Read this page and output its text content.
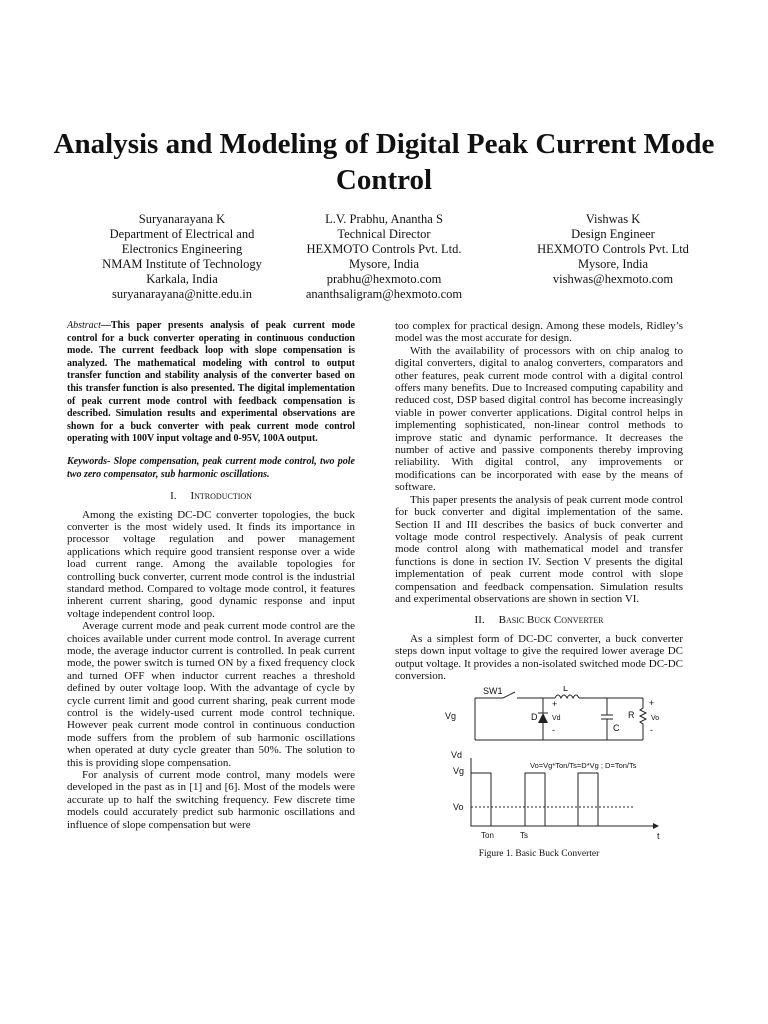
Analysis and Modeling of Digital Peak Current Mode Control
Suryanarayana K
Department of Electrical and
Electronics Engineering
NMAM Institute of Technology
Karkala, India
suryanarayana@nitte.edu.in
L.V. Prabhu, Anantha S
Technical Director
HEXMOTO Controls Pvt. Ltd.
Mysore, India
prabhu@hexmoto.com
ananthsaligram@hexmoto.com
Vishwas K
Design Engineer
HEXMOTO Controls Pvt. Ltd
Mysore, India
vishwas@hexmoto.com

Abstract—This paper presents analysis of peak current mode control for a buck converter operating in continuous conduction mode. The current feedback loop with slope compensation is analyzed. The mathematical modeling with control to output transfer function and stability analysis of the converter based on this transfer function is also presented. The digital implementation of peak current mode control with feedback compensation is described. Simulation results and experimental observations are shown for a buck converter with peak current mode control operating with 100V input voltage and 0-95V, 100A output.

Keywords- Slope compensation, peak current mode control, two pole two zero compensator, sub harmonic oscillations.

I. Introduction

Among the existing DC-DC converter topologies, the buck converter is the most widely used. It finds its importance in processor voltage regulation and power management applications which require good transient response over a wide load current range. Among the available topologies for controlling buck converter, current mode control is the industrial standard method. Compared to voltage mode control, it features inherent current sharing, good dynamic response and input voltage independent control loop.

Average current mode and peak current mode control are the choices available under current mode control. In average current mode, the average inductor current is controlled. In peak current mode, the power switch is turned ON by a fixed frequency clock and turned OFF when inductor current reaches a threshold defined by outer voltage loop. With the advantage of cycle by cycle current limit and good current sharing, peak current mode control is the widely-used current mode control technique. However peak current mode control in continuous conduction mode suffers from the problem of sub harmonic oscillations when operated at duty cycle greater than 50%. The solution to this is providing slope compensation.

For analysis of current mode control, many models were developed in the past as in [1] and [6]. Most of the models were accurate up to half the switching frequency. Few discrete time models could accurately predict sub harmonic oscillations and influence of slope compensation but were

too complex for practical design. Among these models, Ridley’s model was the most accurate for design.

With the availability of processors with on chip analog to digital converters, digital to analog converters, comparators and other features, peak current mode control with a digital control offers many benefits. Due to Increased computing capability and reduced cost, DSP based digital control has become increasingly viable in power converter applications. Digital control helps in implementing sophisticated, non-linear control methods to improve static and dynamic performance. It decreases the number of active and passive components thereby improving reliability. With digital control, any improvements or modifications can be incorporated with ease by the means of software.

This paper presents the analysis of peak current mode control for buck converter and digital implementation of the same. Section II and III describes the basics of buck converter and voltage mode control respectively. Analysis of peak current mode control along with mathematical model and transfer functions is done in section IV. Section V presents the digital implementation of peak current mode control with slope compensation and feedback compensation. Simulation results and experimental observations are shown in section VI.

II. Basic Buck Converter

As a simplest form of DC-DC converter, a buck converter steps down input voltage to give the required lower average DC output voltage. It provides a non-isolated switched mode DC-DC conversion.

SW1	L
Vg	D
+
Vd
-	C
R
+
Vo
-
Vd
Vg
Vo
Ton	Ts	t
Vo=Vg*Ton/Ts=D*Vg ; D=Ton/Ts

Figure 1. Basic Buck Converter
